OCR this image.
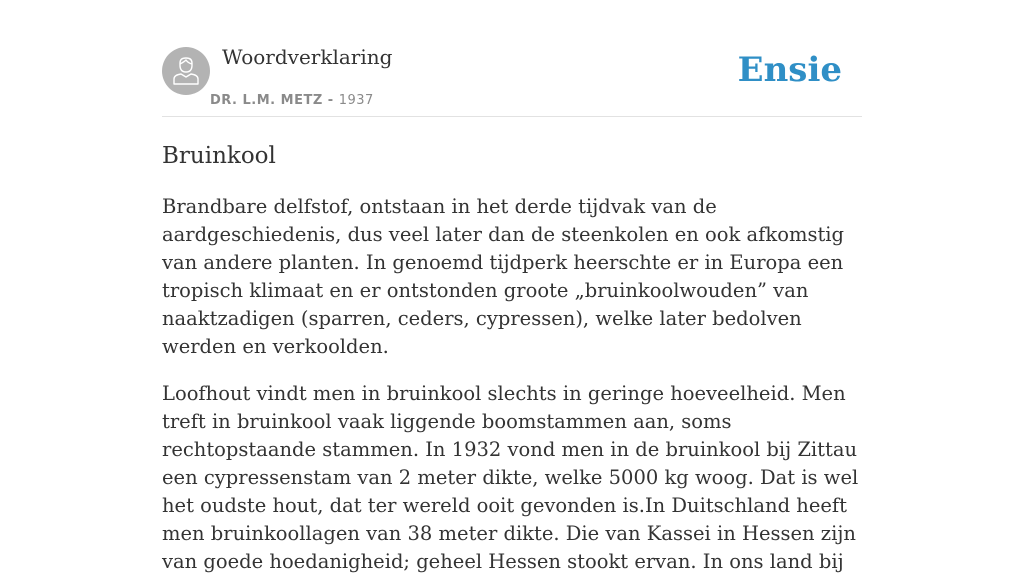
Woordverklaring
DR. L.M. METZ - 1937
Ensie
Bruinkool

Brandbare delfstof, ontstaan in het derde tijdvak van de aardgeschiedenis, dus veel later dan de steenkolen en ook afkomstig van andere planten. In genoemd tijdperk heerschte er in Europa een tropisch klimaat en er ontstonden groote „bruinkoolwouden” van naaktzadigen (sparren, ceders, cypressen), welke later bedolven werden en verkoolden.

Loofhout vindt men in bruinkool slechts in geringe hoeveelheid. Men treft in bruinkool vaak liggende boomstammen aan, soms rechtopstaande stammen. In 1932 vond men in de bruinkool bij Zittau een cypressenstam van 2 meter dikte, welke 5000 kg woog. Dat is wel het oudste hout, dat ter wereld ooit gevonden is.In Duitschland heeft men bruinkoollagen van 38 meter dikte. Die van Kassei in Hessen zijn van goede hoedanigheid; geheel Hessen stookt ervan. In ons land bij
